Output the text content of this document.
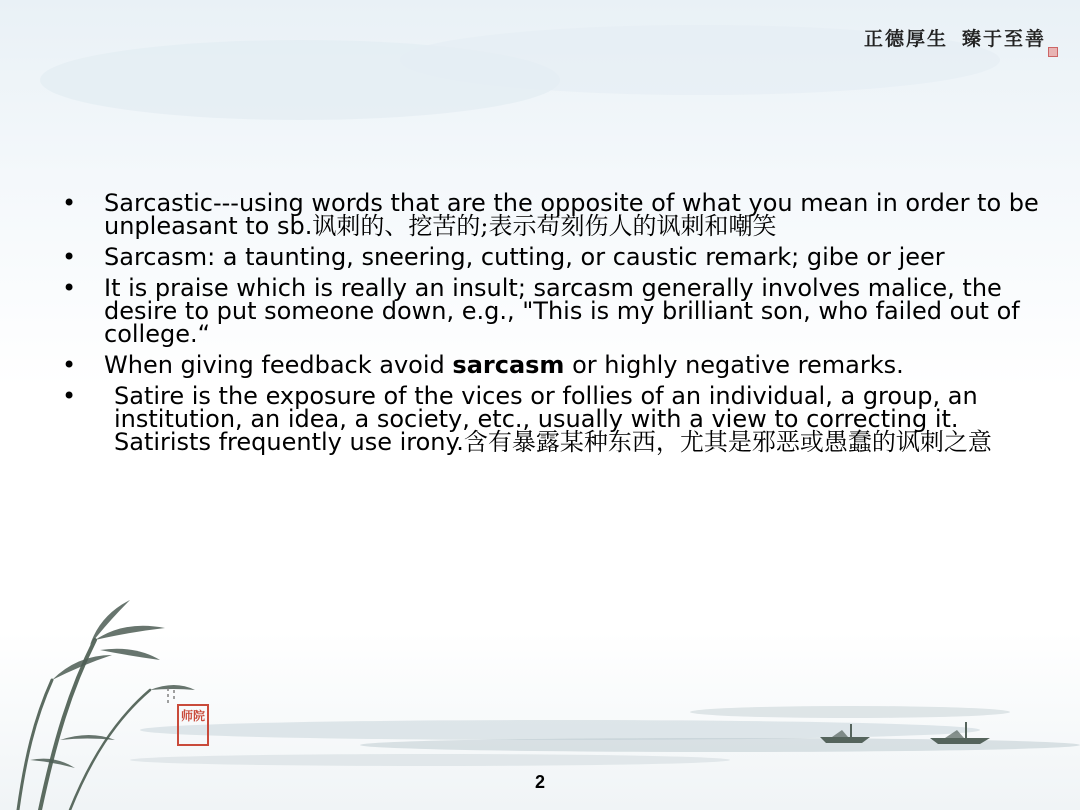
师院
正德厚生 臻于至善
• Sarcastic---using words that are the opposite of what you mean in order to be unpleasant to sb.讽刺的、挖苦的;表示苟刻伤人的讽刺和嘲笑
• Sarcasm: a taunting, sneering, cutting, or caustic remark; gibe or jeer
• It is praise which is really an insult; sarcasm generally involves malice, the desire to put someone down, e.g., "This is my brilliant son, who failed out of college.“
• When giving feedback avoid sarcasm or highly negative remarks.
• Satire is the exposure of the vices or follies of an individual, a group, an institution, an idea, a society, etc., usually with a view to correcting it. Satirists frequently use irony.含有暴露某种东西，尤其是邪恶或愚蠢的讽刺之意
2
